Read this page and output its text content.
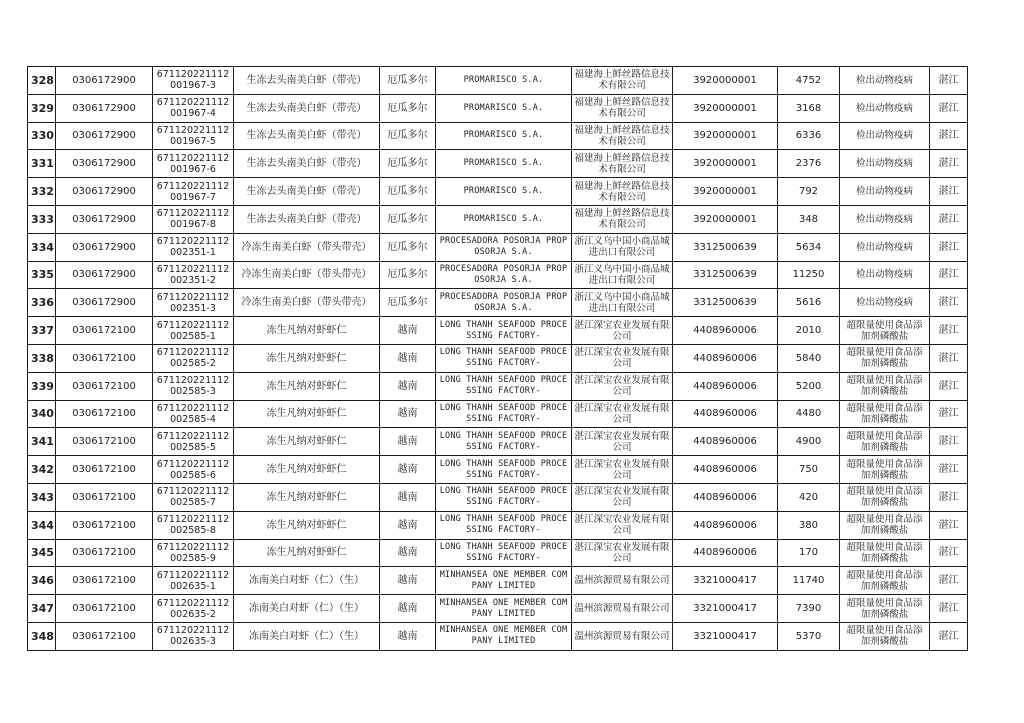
328	0306172900	671120221112001967-3	生冻去头南美白虾（带壳）	厄瓜多尔	PROMARISCO S.A.	福建海上鲜丝路信息技术有限公司	3920000001	4752	检出动物疫病	湛江
329	0306172900	671120221112001967-4	生冻去头南美白虾（带壳）	厄瓜多尔	PROMARISCO S.A.	福建海上鲜丝路信息技术有限公司	3920000001	3168	检出动物疫病	湛江
330	0306172900	671120221112001967-5	生冻去头南美白虾（带壳）	厄瓜多尔	PROMARISCO S.A.	福建海上鲜丝路信息技术有限公司	3920000001	6336	检出动物疫病	湛江
331	0306172900	671120221112001967-6	生冻去头南美白虾（带壳）	厄瓜多尔	PROMARISCO S.A.	福建海上鲜丝路信息技术有限公司	3920000001	2376	检出动物疫病	湛江
332	0306172900	671120221112001967-7	生冻去头南美白虾（带壳）	厄瓜多尔	PROMARISCO S.A.	福建海上鲜丝路信息技术有限公司	3920000001	792	检出动物疫病	湛江
333	0306172900	671120221112001967-8	生冻去头南美白虾（带壳）	厄瓜多尔	PROMARISCO S.A.	福建海上鲜丝路信息技术有限公司	3920000001	348	检出动物疫病	湛江
334	0306172900	671120221112002351-1	冷冻生南美白虾（带头带壳）	厄瓜多尔	PROCESADORA POSORJA PROPOSORJA S.A.	浙江义乌中国小商品城进出口有限公司	3312500639	5634	检出动物疫病	湛江
335	0306172900	671120221112002351-2	冷冻生南美白虾（带头带壳）	厄瓜多尔	PROCESADORA POSORJA PROPOSORJA S.A.	浙江义乌中国小商品城进出口有限公司	3312500639	11250	检出动物疫病	湛江
336	0306172900	671120221112002351-3	冷冻生南美白虾（带头带壳）	厄瓜多尔	PROCESADORA POSORJA PROPOSORJA S.A.	浙江义乌中国小商品城进出口有限公司	3312500639	5616	检出动物疫病	湛江
337	0306172100	671120221112002585-1	冻生凡纳对虾虾仁	越南	LONG THANH SEAFOOD PROCESSING FACTORY-	湛江深宝农业发展有限公司	4408960006	2010	超限量使用食品添加剂磷酸盐	湛江
338	0306172100	671120221112002585-2	冻生凡纳对虾虾仁	越南	LONG THANH SEAFOOD PROCESSING FACTORY-	湛江深宝农业发展有限公司	4408960006	5840	超限量使用食品添加剂磷酸盐	湛江
339	0306172100	671120221112002585-3	冻生凡纳对虾虾仁	越南	LONG THANH SEAFOOD PROCESSING FACTORY-	湛江深宝农业发展有限公司	4408960006	5200	超限量使用食品添加剂磷酸盐	湛江
340	0306172100	671120221112002585-4	冻生凡纳对虾虾仁	越南	LONG THANH SEAFOOD PROCESSING FACTORY-	湛江深宝农业发展有限公司	4408960006	4480	超限量使用食品添加剂磷酸盐	湛江
341	0306172100	671120221112002585-5	冻生凡纳对虾虾仁	越南	LONG THANH SEAFOOD PROCESSING FACTORY-	湛江深宝农业发展有限公司	4408960006	4900	超限量使用食品添加剂磷酸盐	湛江
342	0306172100	671120221112002585-6	冻生凡纳对虾虾仁	越南	LONG THANH SEAFOOD PROCESSING FACTORY-	湛江深宝农业发展有限公司	4408960006	750	超限量使用食品添加剂磷酸盐	湛江
343	0306172100	671120221112002585-7	冻生凡纳对虾虾仁	越南	LONG THANH SEAFOOD PROCESSING FACTORY-	湛江深宝农业发展有限公司	4408960006	420	超限量使用食品添加剂磷酸盐	湛江
344	0306172100	671120221112002585-8	冻生凡纳对虾虾仁	越南	LONG THANH SEAFOOD PROCESSING FACTORY-	湛江深宝农业发展有限公司	4408960006	380	超限量使用食品添加剂磷酸盐	湛江
345	0306172100	671120221112002585-9	冻生凡纳对虾虾仁	越南	LONG THANH SEAFOOD PROCESSING FACTORY-	湛江深宝农业发展有限公司	4408960006	170	超限量使用食品添加剂磷酸盐	湛江
346	0306172100	671120221112002635-1	冻南美白对虾（仁）（生）	越南	MINHANSEA ONE MEMBER COMPANY LIMITED	温州滨源贸易有限公司	3321000417	11740	超限量使用食品添加剂磷酸盐	湛江
347	0306172100	671120221112002635-2	冻南美白对虾（仁）（生）	越南	MINHANSEA ONE MEMBER COMPANY LIMITED	温州滨源贸易有限公司	3321000417	7390	超限量使用食品添加剂磷酸盐	湛江
348	0306172100	671120221112002635-3	冻南美白对虾（仁）（生）	越南	MINHANSEA ONE MEMBER COMPANY LIMITED	温州滨源贸易有限公司	3321000417	5370	超限量使用食品添加剂磷酸盐	湛江
